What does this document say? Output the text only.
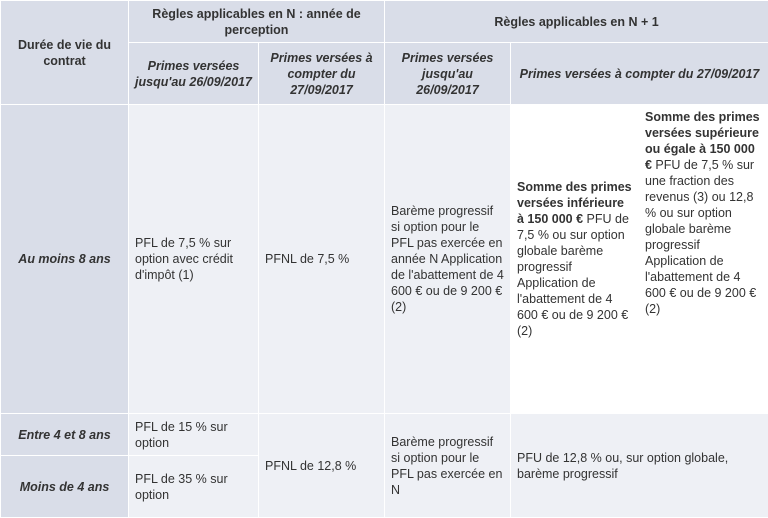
Durée de vie du contrat	Règles applicables en N : année de perception		Règles applicables en N + 1		
	Primes versées jusqu'au 26/09/2017	Primes versées à compter du 27/09/2017	Primes versées jusqu'au 26/09/2017	Primes versées à compter du 27/09/2017	
Au moins 8 ans	PFL de 7,5 % sur option avec crédit d'impôt (1)	PFNL de 7,5 %	Barème progressif si option pour le PFL pas exercée en année N Application de l'abattement de 4 600 € ou de 9 200 € (2)	Somme des primes versées inférieure à 150 000 € PFU de 7,5 % ou sur option globale barème progressif Application de l'abattement de 4 600 € ou de 9 200 € (2)	Somme des primes versées supérieure ou égale à 150 000 € PFU de 7,5 % sur une fraction des revenus (3) ou 12,8 % ou sur option globale barème progressif Application de l'abattement de 4 600 € ou de 9 200 € (2)
Entre 4 et 8 ans	PFL de 15 % sur option	PFNL de 12,8 %	Barème progressif si option pour le PFL pas exercée en N	PFU de 12,8 % ou, sur option globale, barème progressif	
Moins de 4 ans	PFL de 35 % sur option				
